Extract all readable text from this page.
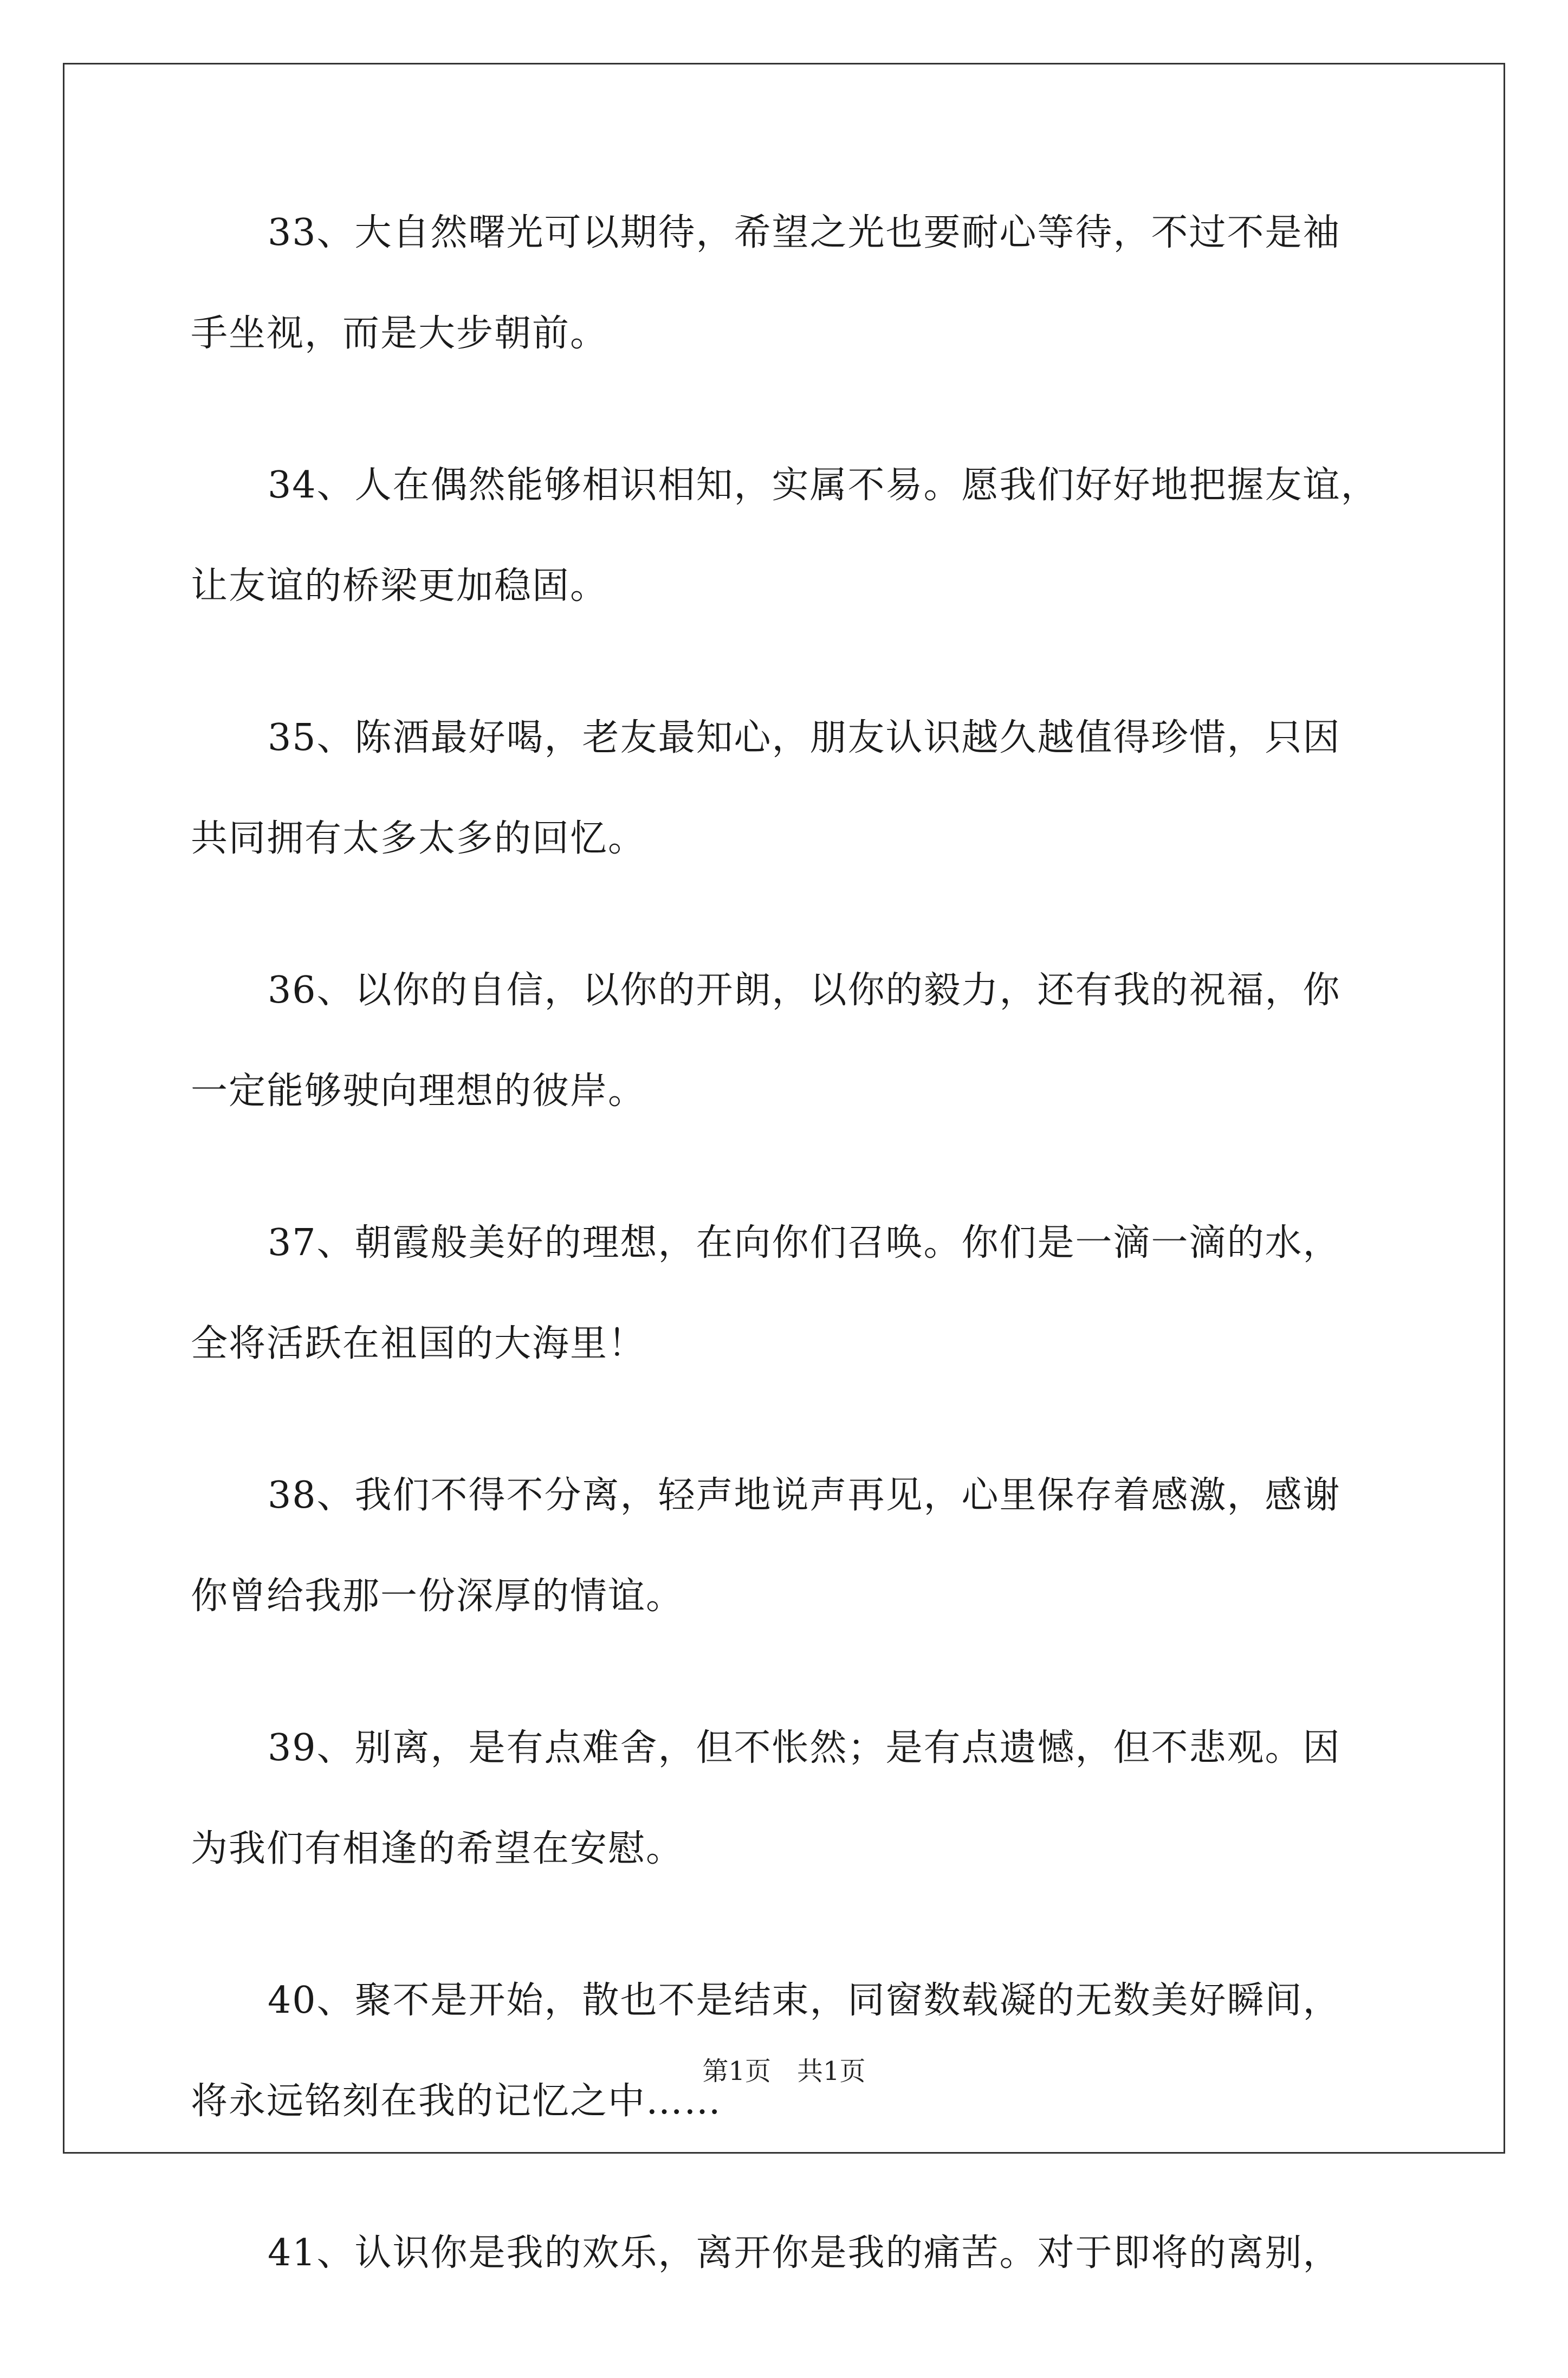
33、大自然曙光可以期待，希望之光也要耐心等待，不过不是袖
手坐视，而是大步朝前。
34、人在偶然能够相识相知，实属不易。愿我们好好地把握友谊，
让友谊的桥梁更加稳固。
35、陈酒最好喝，老友最知心，朋友认识越久越值得珍惜，只因
共同拥有太多太多的回忆。
36、以你的自信，以你的开朗，以你的毅力，还有我的祝福，你
一定能够驶向理想的彼岸。
37、朝霞般美好的理想，在向你们召唤。你们是一滴一滴的水，
全将活跃在祖国的大海里！
38、我们不得不分离，轻声地说声再见，心里保存着感激，感谢
你曾给我那一份深厚的情谊。
39、别离，是有点难舍，但不怅然；是有点遗憾，但不悲观。因
为我们有相逢的希望在安慰。
40、聚不是开始，散也不是结束，同窗数载凝的无数美好瞬间，
将永远铭刻在我的记忆之中……
41、认识你是我的欢乐，离开你是我的痛苦。对于即将的离别，
第1页　共1页
